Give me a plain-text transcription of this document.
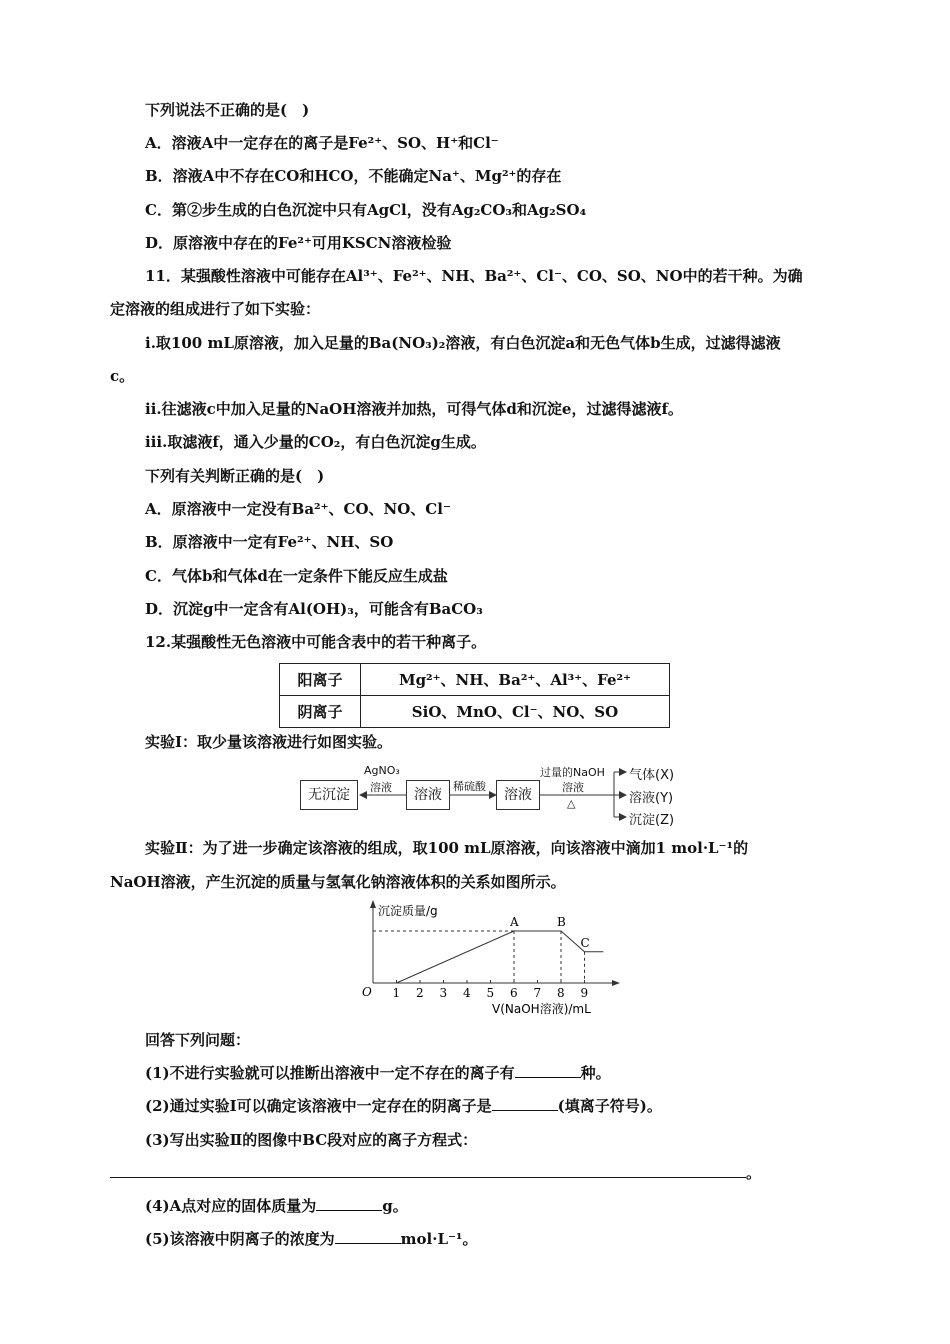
下列说法不正确的是(　)
A．溶液A中一定存在的离子是Fe²⁺、SO、H⁺和Cl⁻
B．溶液A中不存在CO和HCO，不能确定Na⁺、Mg²⁺的存在
C．第②步生成的白色沉淀中只有AgCl，没有Ag₂CO₃和Ag₂SO₄
D．原溶液中存在的Fe²⁺可用KSCN溶液检验
11．某强酸性溶液中可能存在Al³⁺、Fe²⁺、NH、Ba²⁺、Cl⁻、CO、SO、NO中的若干种。为确
定溶液的组成进行了如下实验：
ⅰ.取100 mL原溶液，加入足量的Ba(NO₃)₂溶液，有白色沉淀a和无色气体b生成，过滤得滤液
c。
ⅱ.往滤液c中加入足量的NaOH溶液并加热，可得气体d和沉淀e，过滤得滤液f。
ⅲ.取滤液f，通入少量的CO₂，有白色沉淀g生成。
下列有关判断正确的是(　)
A．原溶液中一定没有Ba²⁺、CO、NO、Cl⁻
B．原溶液中一定有Fe²⁺、NH、SO
C．气体b和气体d在一定条件下能反应生成盐
D．沉淀g中一定含有Al(OH)₃，可能含有BaCO₃
12.某强酸性无色溶液中可能含表中的若干种离子。
阳离子	Mg²⁺、NH、Ba²⁺、Al³⁺、Fe²⁺
阴离子	SiO、MnO、Cl⁻、NO、SO
实验Ⅰ：取少量该溶液进行如图实验。
无沉淀	溶液	溶液
AgNO₃
溶液	稀硫酸
过量的NaOH
溶液
△
气体(X)
溶液(Y)
沉淀(Z)
实验Ⅱ：为了进一步确定该溶液的组成，取100 mL原溶液，向该溶液中滴加1 mol·L⁻¹的
NaOH溶液，产生沉淀的质量与氢氧化钠溶液体积的关系如图所示。
沉淀质量/g
V(NaOH溶液)/mL
O 1 2 3 4 5 6 7 8 9
A	B
C
回答下列问题：
(1)不进行实验就可以推断出溶液中一定不存在的离子有	种。
(2)通过实验Ⅰ可以确定该溶液中一定存在的阴离子是	(填离子符号)。
(3)写出实验Ⅱ的图像中BC段对应的离子方程式：
。
(4)A点对应的固体质量为	g。
(5)该溶液中阴离子的浓度为	mol·L⁻¹。
